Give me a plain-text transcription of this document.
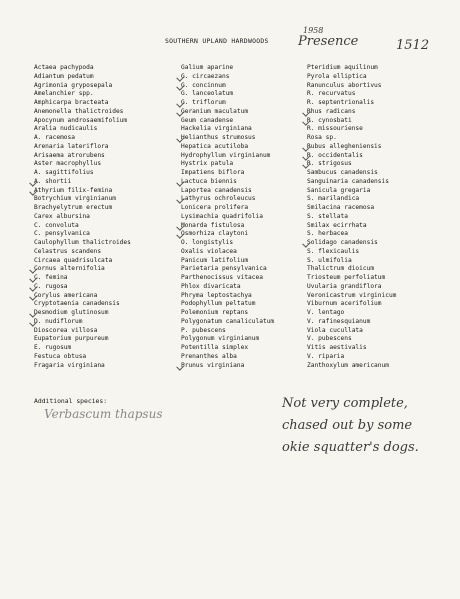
SOUTHERN UPLAND HARDWOODS
1958
Presence	1512
Actaea pachypoda
Adiantum pedatum
Agrimonia gryposepala
Amelanchier spp.
Amphicarpa bracteata
Anemonella thalictroides
Apocynum androsaemifolium
Aralia nudicaulis
A. racemosa
Arenaria lateriflora
Arisaema atrorubens
Aster macrophyllus
A. sagittifolius
A. shortii
Athyrium filix-femina
Botrychium virginianum
Brachyelytrum erectum
Carex albursina
C. convoluta
C. pensylvanica
Caulophyllum thalictroides
Celastrus scandens
Circaea quadrisulcata
Cornus alternifolia
C. femina
C. rugosa
Corylus americana
Cryptotaenia canadensis
Desmodium glutinosum
D. nudiflorum
Dioscorea villosa
Eupatorium purpureum
E. rugosum
Festuca obtusa
Fragaria virginiana
Galium aparine
G. circaezans
G. concinnum
G. lanceolatum
G. triflorum
Geranium maculatum
Geum canadense
Hackelia virginiana
Helianthus strumosus
Hepatica acutiloba
Hydrophyllum virginianum
Hystrix patula
Impatiens biflora
Lactuca biennis
Laportea canadensis
Lathyrus ochroleucus
Lonicera prolifera
Lysimachia quadrifolia
Monarda fistulosa
Osmorhiza claytoni
O. longistylis
Oxalis violacea
Panicum latifolium
Parietaria pensylvanica
Parthenocissus vitacea
Phlox divaricata
Phryma leptostachya
Podophyllum peltatum
Polemonium reptans
Polygonatum canaliculatum
P. pubescens
Polygonum virginianum
Potentilla simplex
Prenanthes alba
Prunus virginiana
Pteridium aquilinum
Pyrola elliptica
Ranunculus abortivus
R. recurvatus
R. septentrionalis
Rhus radicans
R. cynosbati
R. missouriense
Rosa sp.
Rubus allegheniensis
R. occidentalis
R. strigosus
Sambucus canadensis
Sanguinaria canadensis
Sanicula gregaria
S. marilandica
Smilacina racemosa
S. stellata
Smilax ecirrhata
S. herbacea
Solidago canadensis
S. flexicaulis
S. ulmifolia
Thalictrum dioicum
Triosteum perfoliatum
Uvularia grandiflora
Veronicastrum virginicum
Viburnum acerifolium
V. lentago
V. rafinesquianum
Viola cucullata
V. pubescens
Vitis aestivalis
V. riparia
Zanthoxylum americanum
Additional species:
Verbascum thapsus
Not very complete,
chased out by some
okie squatter's dogs.
